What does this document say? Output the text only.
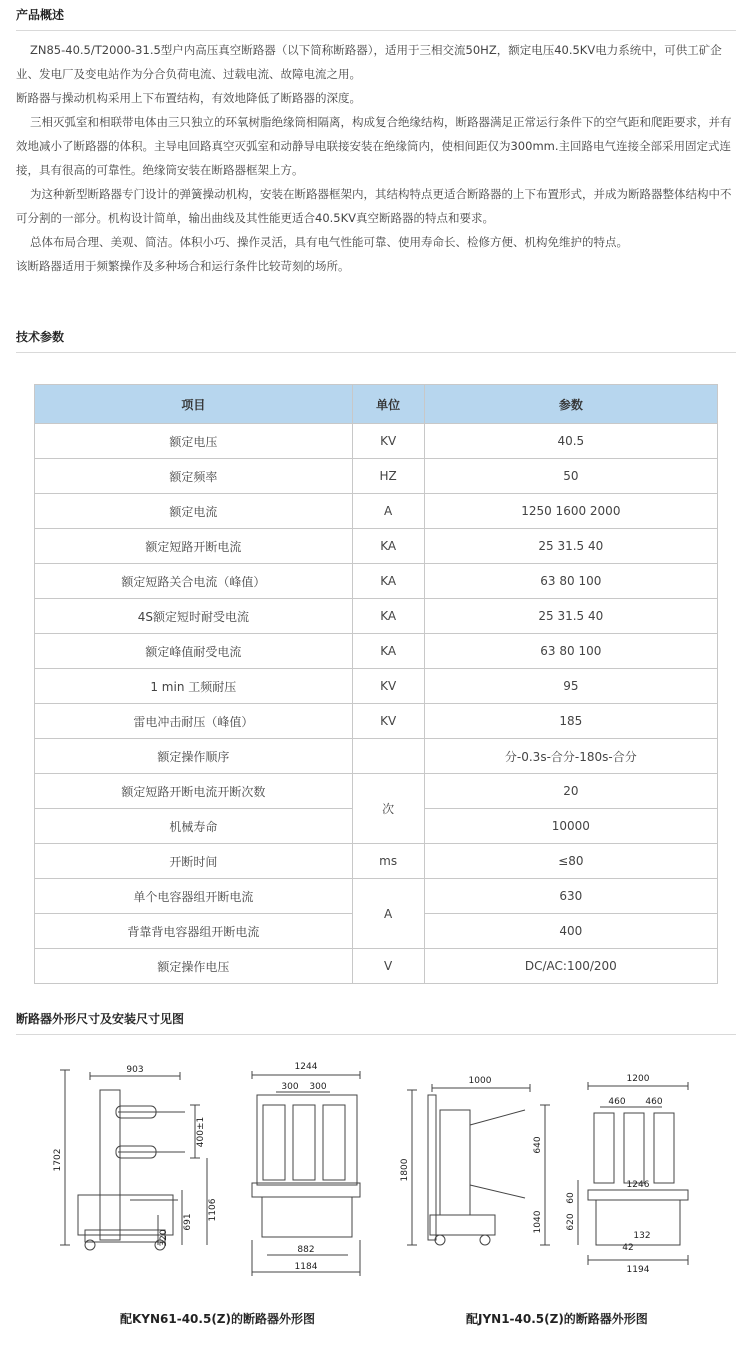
产品概述

ZN85-40.5/T2000-31.5型户内高压真空断路器（以下简称断路器），适用于三相交流50HZ，额定电压40.5KV电力系统中，可供工矿企业、发电厂及变电站作为分合负荷电流、过载电流、故障电流之用。

断路器与操动机构采用上下布置结构，有效地降低了断路器的深度。

三相灭弧室和相联带电体由三只独立的环氧树脂绝缘筒相隔离，构成复合绝缘结构，断路器满足正常运行条件下的空气距和爬距要求，并有效地减小了断路器的体积。主导电回路真空灭弧室和动静导电联接安装在绝缘筒内，使相间距仅为300mm.主回路电气连接全部采用固定式连接，具有很高的可靠性。绝缘筒安装在断路器框架上方。

为这种新型断路器专门设计的弹簧操动机构，安装在断路器框架内，其结构特点更适合断路器的上下布置形式，并成为断路器整体结构中不可分割的一部分。机构设计简单，输出曲线及其性能更适合40.5KV真空断路器的特点和要求。

总体布局合理、美观、简洁。体积小巧、操作灵活，具有电气性能可靠、使用寿命长、检修方便、机构免维护的特点。

该断路器适用于频繁操作及多种场合和运行条件比较苛刻的场所。

技术参数
项目	单位	参数
额定电压	KV	40.5
额定频率	HZ	50
额定电流	A	1250 1600 2000
额定短路开断电流	KA	25 31.5 40
额定短路关合电流（峰值）	KA	63 80 100
4S额定短时耐受电流	KA	25 31.5 40
额定峰值耐受电流	KA	63 80 100
1 min 工频耐压	KV	95
雷电冲击耐压（峰值）	KV	185
额定操作顺序		分-0.3s-合分-180s-合分
额定短路开断电流开断次数	次	20
机械寿命		10000
开断时间	ms	≤80
单个电容器组开断电流	A	630
背靠背电容器组开断电流		400
额定操作电压	V	DC/AC:100/200
断路器外形尺寸及安装尺寸见图
903
1702
400±1
1106
691
320
1244
300 300
882
1184
1000
1800
640
1040
1200
460 460
1246
60
620
132
42
1194
配KYN61-40.5(Z)的断路器外形图	配JYN1-40.5(Z)的断路器外形图
